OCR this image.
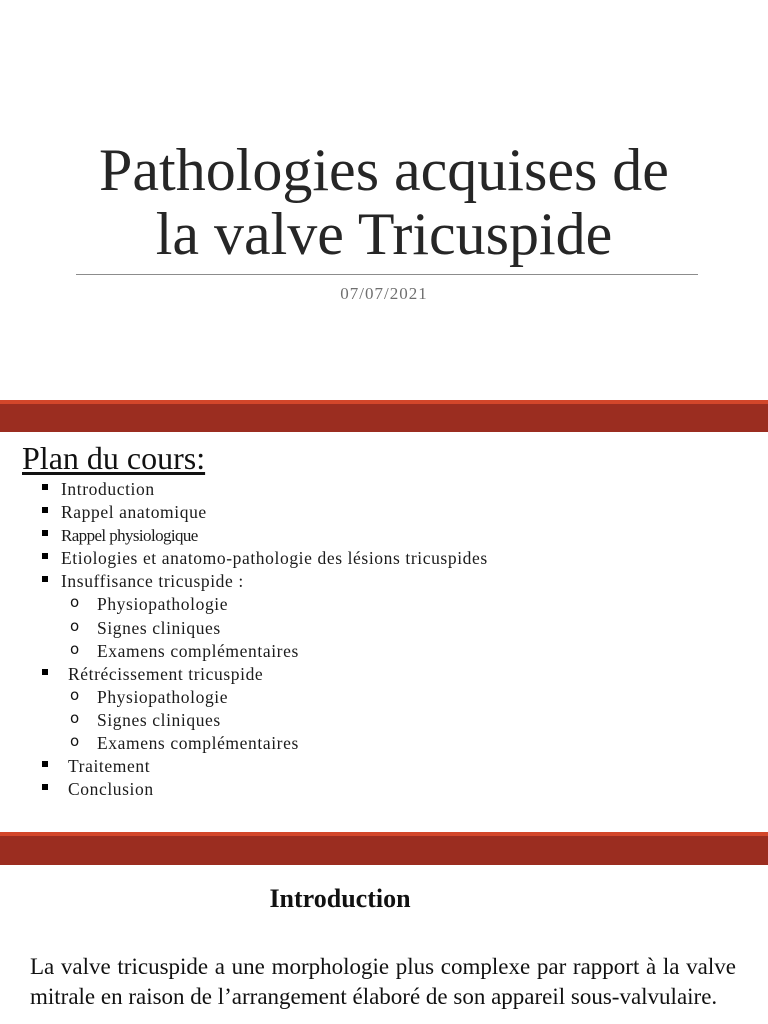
Pathologies acquises de
la valve Tricuspide
07/07/2021
Plan du cours:
Introduction
Rappel anatomique
Rappel physiologique
Etiologies et anatomo-pathologie des lésions tricuspides
Insuffisance tricuspide :
o Physiopathologie
o Signes cliniques
o Examens complémentaires
Rétrécissement tricuspide
o Physiopathologie
o Signes cliniques
o Examens complémentaires
Traitement
Conclusion
Introduction
La valve tricuspide a une morphologie plus complexe par rapport à la valve mitrale en raison de l’arrangement élaboré de son appareil sous-valvulaire.
